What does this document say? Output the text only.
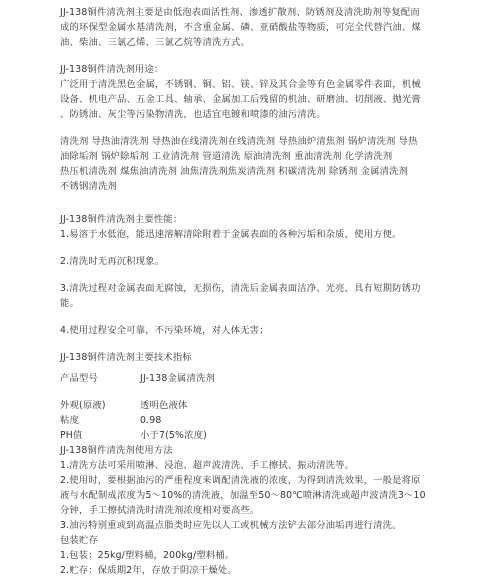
JJ-138铜件清洗剂主要是由低泡表面活性剂、渗透扩散剂、防锈剂及清洗助剂等复配而

成的环保型金属水基清洗剂，不含重金属、磷、亚硝酸盐等物质，可完全代替汽油、煤

油、柴油、三氯乙烯、三氯乙烷等清洗方式。

JJ-138铜件清洗剂用途：

广泛用于清洗黑色金属，不锈钢、铜、铝、镁、锌及其合金等有色金属零件表面，机械

设备、机电产品、五金工具、轴承、金属加工后残留的机油、研磨油、切削液、抛光膏

、防锈油、灰尘等污染物清洗，也适宜电镀和喷漆的油污清洗。

清洗剂 导热油清洗剂 导热油在线清洗剂在线清洗剂 导热油炉清焦剂 锅炉清洗剂 导热

油除垢剂 锅炉除垢剂 工业清洗剂 管道清洗 原油清洗剂 重油清洗剂 化学清洗剂

热压机清洗剂 煤焦油清洗剂 油焦清洗剂焦炭清洗剂 积碳清洗剂 除锈剂 金属清洗剂

不锈钢清洗剂

JJ-138铜件清洗剂主要性能：

1.易溶于水低泡，能迅速溶解清除附着于金属表面的各种污垢和杂质，使用方便。

2.清洗时无再沉积现象。

3.清洗过程对金属表面无腐蚀，无损伤，清洗后金属表面洁净、光亮，具有短期防锈功

能。

4.使用过程安全可靠，不污染环境，对人体无害；

JJ-138铜件清洗剂主要技术指标

产品型号	JJ-138金属清洗剂
外观(原液)	透明色液体
粘度	0.98
PH值	小于7(5%浓度)

JJ-138铜件清洗剂使用方法

1.清洗方法可采用喷淋、浸泡、超声波清洗、手工擦拭、振动清洗等。

2.使用时，要根据油污的严重程度来调配清洗液的浓度，为得到清洗效果，一般是将原

液与水配制成浓度为5～10%的清洗液，加温至50～80℃喷淋清洗或超声波清洗3～10

分钟，手工擦拭清洗时清洗剂浓度相对要高些。

3.油污特别重或到高温点脂类时应先以人工或机械方法铲去部分油垢再进行清洗。

包装贮存

1.包装：25kg/塑料桶，200kg/塑料桶。

2.贮存：保质期2年，存放于阴凉干燥处。
